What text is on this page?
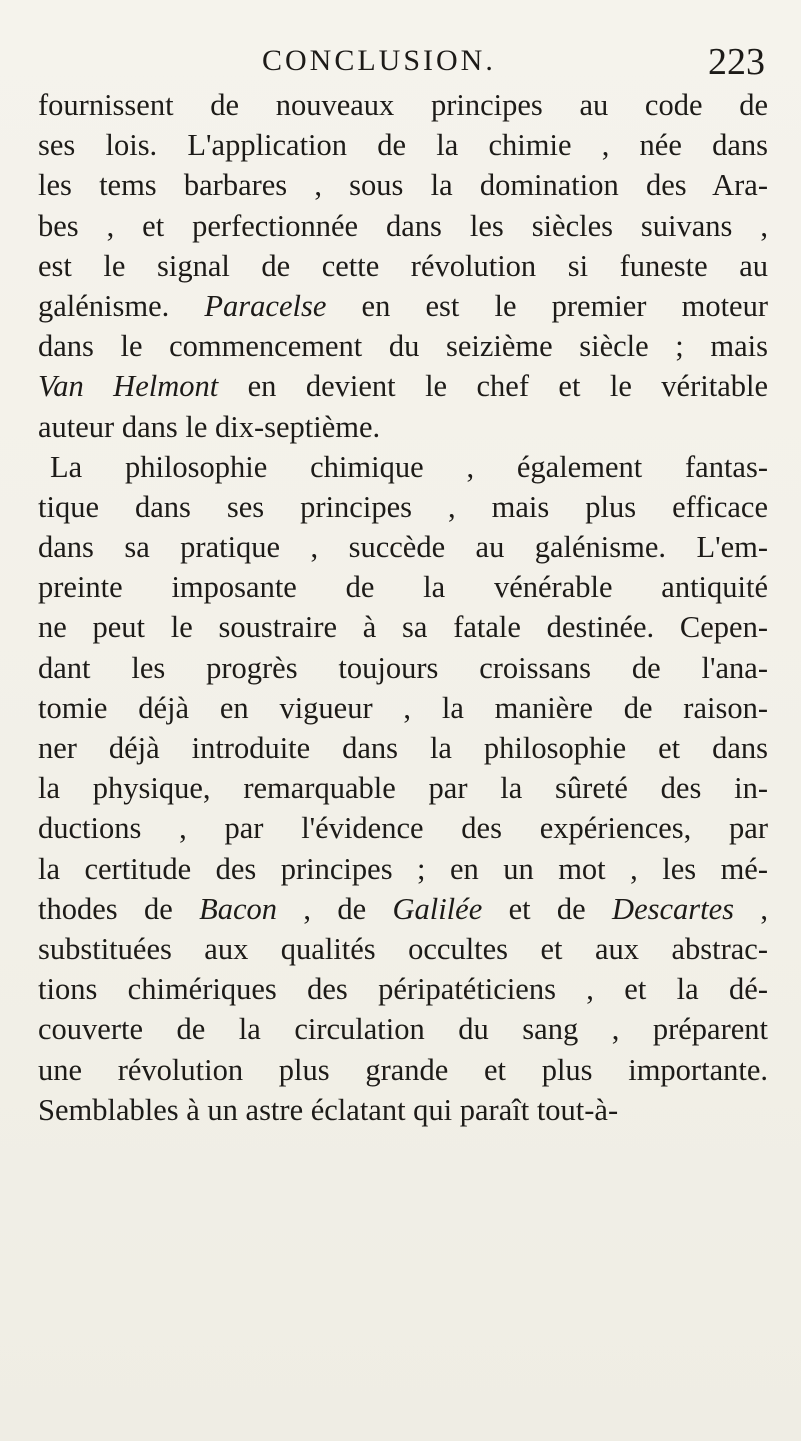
CONCLUSION.	223
fournissent de nouveaux principes au code de
ses lois. L'application de la chimie , née dans
les tems barbares , sous la domination des Ara-
bes , et perfectionnée dans les siècles suivans ,
est le signal de cette révolution si funeste au
galénisme. Paracelse en est le premier moteur
dans le commencement du seizième siècle ; mais
Van Helmont en devient le chef et le véritable
auteur dans le dix-septième.
La philosophie chimique , également fantas-
tique dans ses principes , mais plus efficace
dans sa pratique , succède au galénisme. L'em-
preinte imposante de la vénérable antiquité
ne peut le soustraire à sa fatale destinée. Cepen-
dant les progrès toujours croissans de l'ana-
tomie déjà en vigueur , la manière de raison-
ner déjà introduite dans la philosophie et dans
la physique, remarquable par la sûreté des in-
ductions , par l'évidence des expériences, par
la certitude des principes ; en un mot , les mé-
thodes de Bacon , de Galilée et de Descartes ,
substituées aux qualités occultes et aux abstrac-
tions chimériques des péripatéticiens , et la dé-
couverte de la circulation du sang , préparent
une révolution plus grande et plus importante.
Semblables à un astre éclatant qui paraît tout-à-
